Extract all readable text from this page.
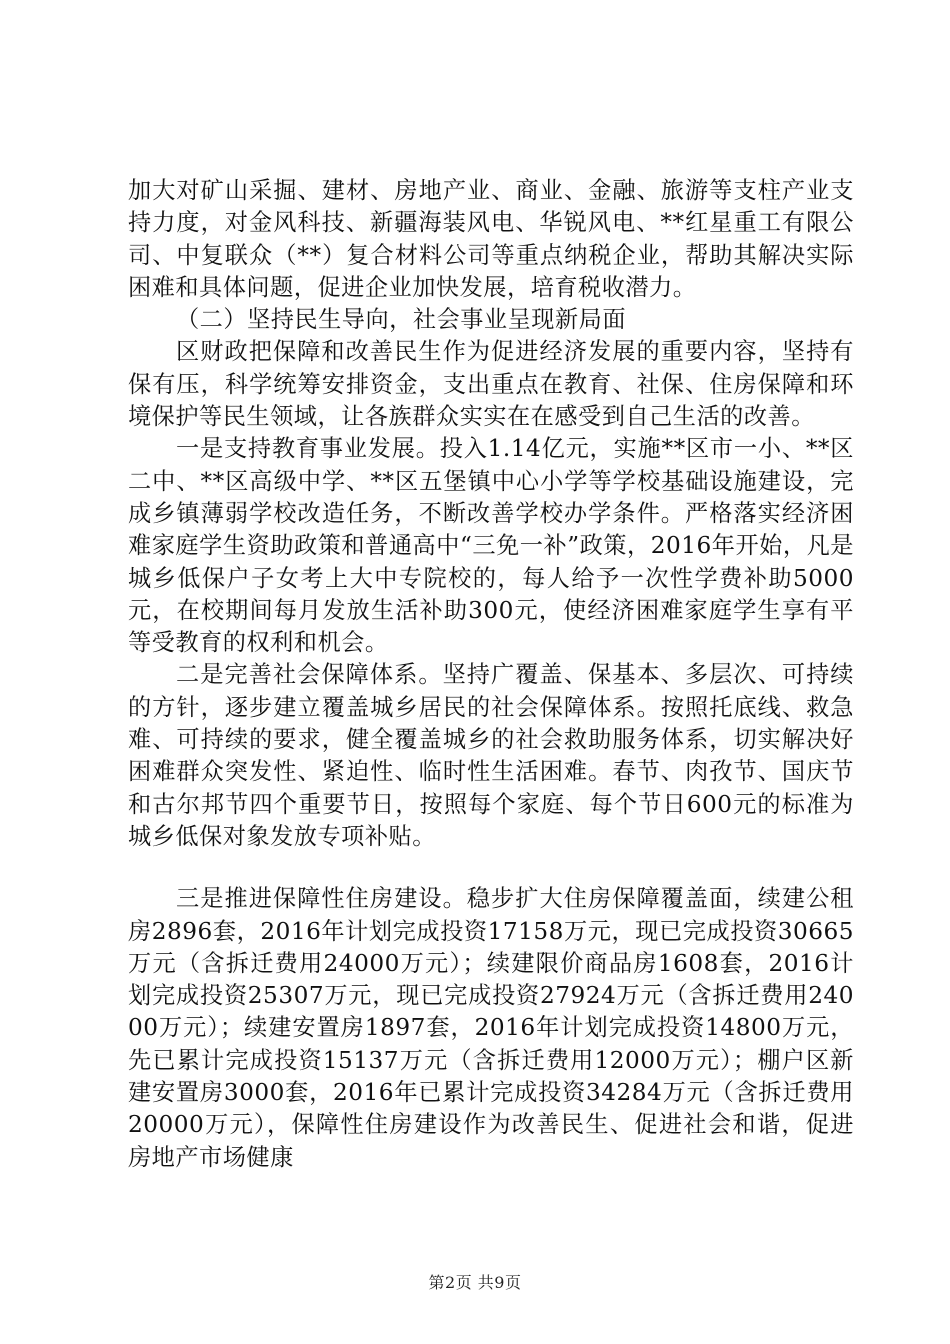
加大对矿山采掘、建材、房地产业、商业、金融、旅游等支柱产业支持力度，对金风科技、新疆海装风电、华锐风电、**红星重工有限公司、中复联众（**）复合材料公司等重点纳税企业，帮助其解决实际困难和具体问题，促进企业加快发展，培育税收潜力。

（二）坚持民生导向，社会事业呈现新局面

区财政把保障和改善民生作为促进经济发展的重要内容，坚持有保有压，科学统筹安排资金，支出重点在教育、社保、住房保障和环境保护等民生领域，让各族群众实实在在感受到自己生活的改善。

一是支持教育事业发展。投入1.14亿元，实施**区市一小、**区二中、**区高级中学、**区五堡镇中心小学等学校基础设施建设，完成乡镇薄弱学校改造任务，不断改善学校办学条件。严格落实经济困难家庭学生资助政策和普通高中“三免一补”政策，2016年开始，凡是城乡低保户子女考上大中专院校的，每人给予一次性学费补助5000元，在校期间每月发放生活补助300元，使经济困难家庭学生享有平等受教育的权利和机会。

二是完善社会保障体系。坚持广覆盖、保基本、多层次、可持续的方针，逐步建立覆盖城乡居民的社会保障体系。按照托底线、救急难、可持续的要求，健全覆盖城乡的社会救助服务体系，切实解决好困难群众突发性、紧迫性、临时性生活困难。春节、肉孜节、国庆节和古尔邦节四个重要节日，按照每个家庭、每个节日600元的标准为城乡低保对象发放专项补贴。

三是推进保障性住房建设。稳步扩大住房保障覆盖面，续建公租房2896套，2016年计划完成投资17158万元，现已完成投资30665万元（含拆迁费用24000万元）；续建限价商品房1608套，2016计划完成投资25307万元，现已完成投资27924万元（含拆迁费用24000万元）；续建安置房1897套，2016年计划完成投资14800万元，先已累计完成投资15137万元（含拆迁费用12000万元）；棚户区新建安置房3000套，2016年已累计完成投资34284万元（含拆迁费用20000万元），保障性住房建设作为改善民生、促进社会和谐，促进房地产市场健康

第2页 共9页
